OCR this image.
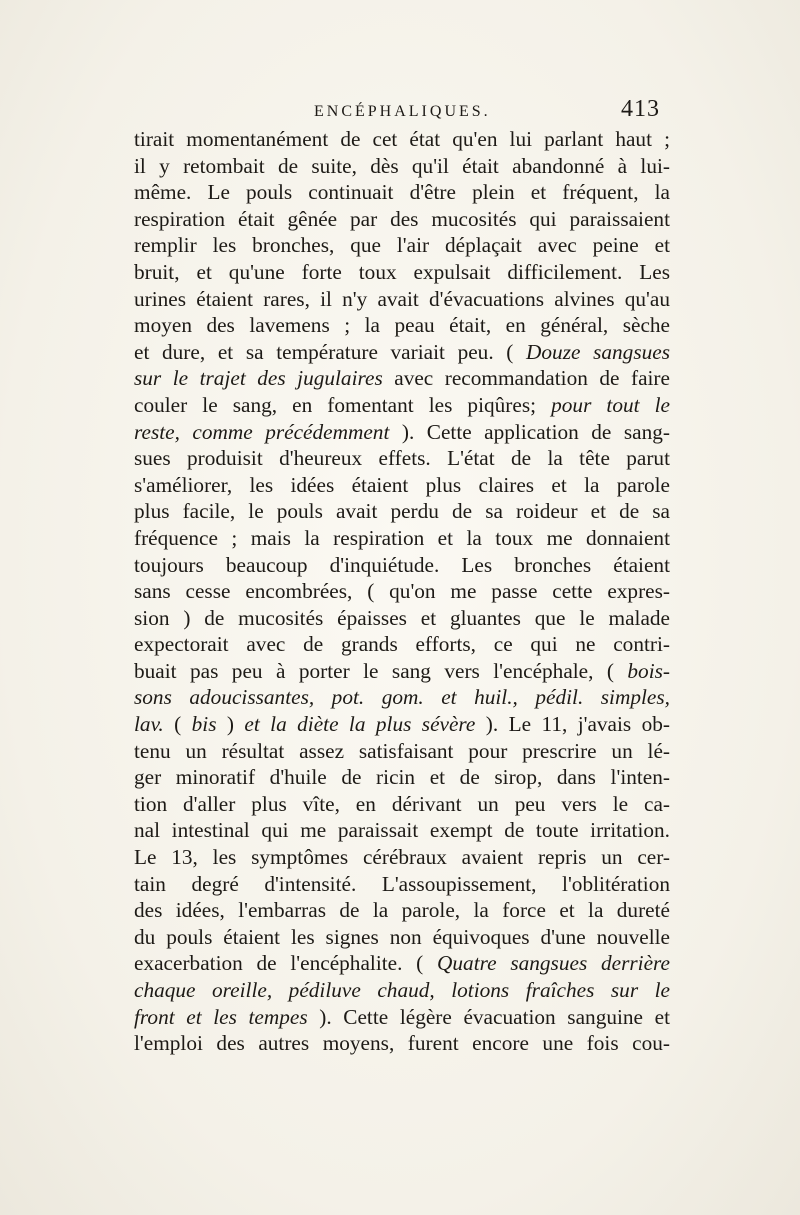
ENCÉPHALIQUES.	413
tirait momentanément de cet état qu'en lui parlant haut ;
il y retombait de suite, dès qu'il était abandonné à lui-
même. Le pouls continuait d'être plein et fréquent, la
respiration était gênée par des mucosités qui paraissaient
remplir les bronches, que l'air déplaçait avec peine et
bruit, et qu'une forte toux expulsait difficilement. Les
urines étaient rares, il n'y avait d'évacuations alvines qu'au
moyen des lavemens ; la peau était, en général, sèche
et dure, et sa température variait peu. ( Douze sangsues
sur le trajet des jugulaires avec recommandation de faire
couler le sang, en fomentant les piqûres; pour tout le
reste, comme précédemment ). Cette application de sang-
sues produisit d'heureux effets. L'état de la tête parut
s'améliorer, les idées étaient plus claires et la parole
plus facile, le pouls avait perdu de sa roideur et de sa
fréquence ; mais la respiration et la toux me donnaient
toujours beaucoup d'inquiétude. Les bronches étaient
sans cesse encombrées, ( qu'on me passe cette expres-
sion ) de mucosités épaisses et gluantes que le malade
expectorait avec de grands efforts, ce qui ne contri-
buait pas peu à porter le sang vers l'encéphale, ( bois-
sons adoucissantes, pot. gom. et huil., pédil. simples,
lav. ( bis ) et la diète la plus sévère ). Le 11, j'avais ob-
tenu un résultat assez satisfaisant pour prescrire un lé-
ger minoratif d'huile de ricin et de sirop, dans l'inten-
tion d'aller plus vîte, en dérivant un peu vers le ca-
nal intestinal qui me paraissait exempt de toute irritation.
Le 13, les symptômes cérébraux avaient repris un cer-
tain degré d'intensité. L'assoupissement, l'oblitération
des idées, l'embarras de la parole, la force et la dureté
du pouls étaient les signes non équivoques d'une nouvelle
exacerbation de l'encéphalite. ( Quatre sangsues derrière
chaque oreille, pédiluve chaud, lotions fraîches sur le
front et les tempes ). Cette légère évacuation sanguine et
l'emploi des autres moyens, furent encore une fois cou-
